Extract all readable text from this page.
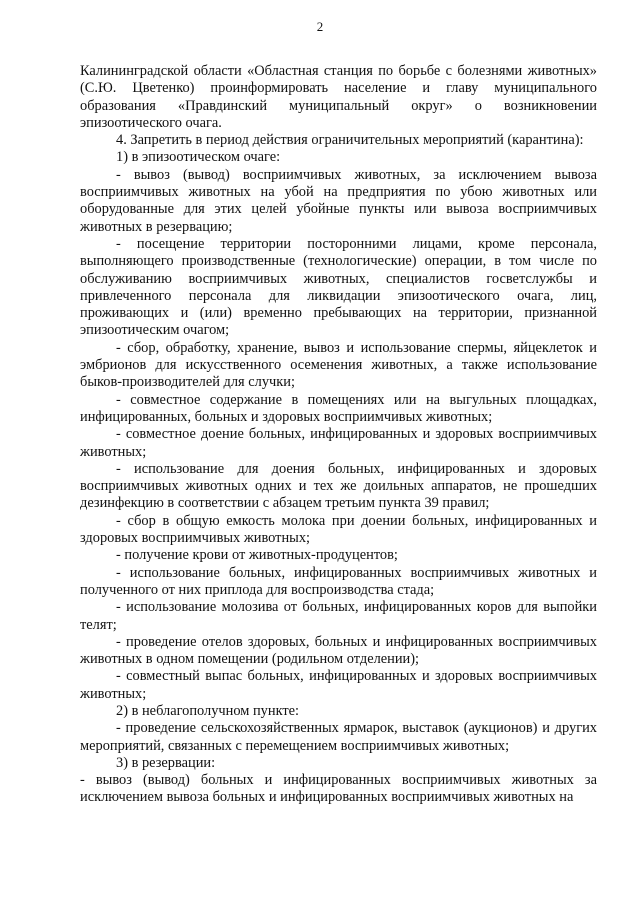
2

Калининградской области «Областная станция по борьбе с болезнями животных» (С.Ю. Цветенко) проинформировать население и главу муниципального образования «Правдинский муниципальный округ» о возникновении эпизоотического очага.

4. Запретить в период действия ограничительных мероприятий (карантина):

1) в эпизоотическом очаге:

- вывоз (вывод) восприимчивых животных, за исключением вывоза восприимчивых животных на убой на предприятия по убою животных или оборудованные для этих целей убойные пункты или вывоза восприимчивых животных в резервацию;

- посещение территории посторонними лицами, кроме персонала, выполняющего производственные (технологические) операции, в том числе по обслуживанию восприимчивых животных, специалистов госветслужбы и привлеченного персонала для ликвидации эпизоотического очага, лиц, проживающих и (или) временно пребывающих на территории, признанной эпизоотическим очагом;

- сбор, обработку, хранение, вывоз и использование спермы, яйцеклеток и эмбрионов для искусственного осеменения животных, а также использование быков-производителей для случки;

- совместное содержание в помещениях или на выгульных площадках, инфицированных, больных и здоровых восприимчивых животных;

- совместное доение больных, инфицированных и здоровых восприимчивых животных;

- использование для доения больных, инфицированных и здоровых восприимчивых животных одних и тех же доильных аппаратов, не прошедших дезинфекцию в соответствии с абзацем третьим пункта 39 правил;

- сбор в общую емкость молока при доении больных, инфицированных и здоровых восприимчивых животных;

- получение крови от животных-продуцентов;

- использование больных, инфицированных восприимчивых животных и полученного от них приплода для воспроизводства стада;

- использование молозива от больных, инфицированных коров для выпойки телят;

- проведение отелов здоровых, больных и инфицированных восприимчивых животных в одном помещении (родильном отделении);

- совместный выпас больных, инфицированных и здоровых восприимчивых животных;

2) в неблагополучном пункте:

- проведение сельскохозяйственных ярмарок, выставок (аукционов) и других мероприятий, связанных с перемещением восприимчивых животных;

3) в резервации:

- вывоз (вывод) больных и инфицированных восприимчивых животных за исключением вывоза больных и инфицированных восприимчивых животных на
